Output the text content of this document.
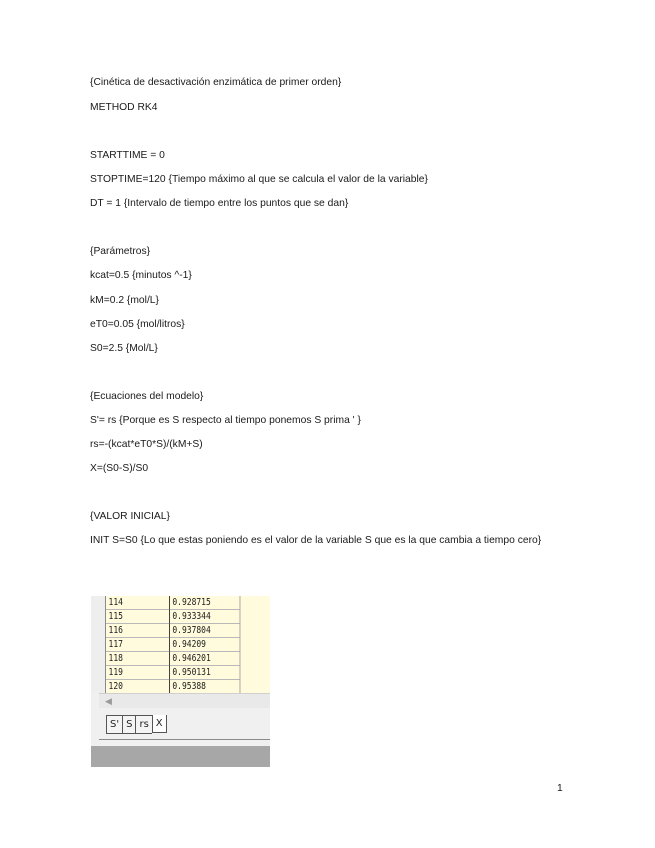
{Cinética de desactivación enzimática de primer orden}
METHOD RK4
STARTTIME = 0
STOPTIME=120 {Tiempo máximo al que se calcula el valor de la variable}
DT = 1 {Intervalo de tiempo entre los puntos que se dan}
{Parámetros}
kcat=0.5 {minutos ^-1}
kM=0.2 {mol/L}
eT0=0.05 {mol/litros}
S0=2.5 {Mol/L}
{Ecuaciones del modelo}
S'= rs {Porque es S respecto al tiempo ponemos S prima ' }
rs=-(kcat*eT0*S)/(kM+S)
X=(S0-S)/S0
{VALOR INICIAL}
INIT S=S0 {Lo que estas poniendo es el valor de la variable S que es la que cambia a tiempo cero}
114	0.928715
115	0.933344
116	0.937804
117	0.94209
118	0.946201
119	0.950131
120	0.95388
◀
S' S rs X
1
